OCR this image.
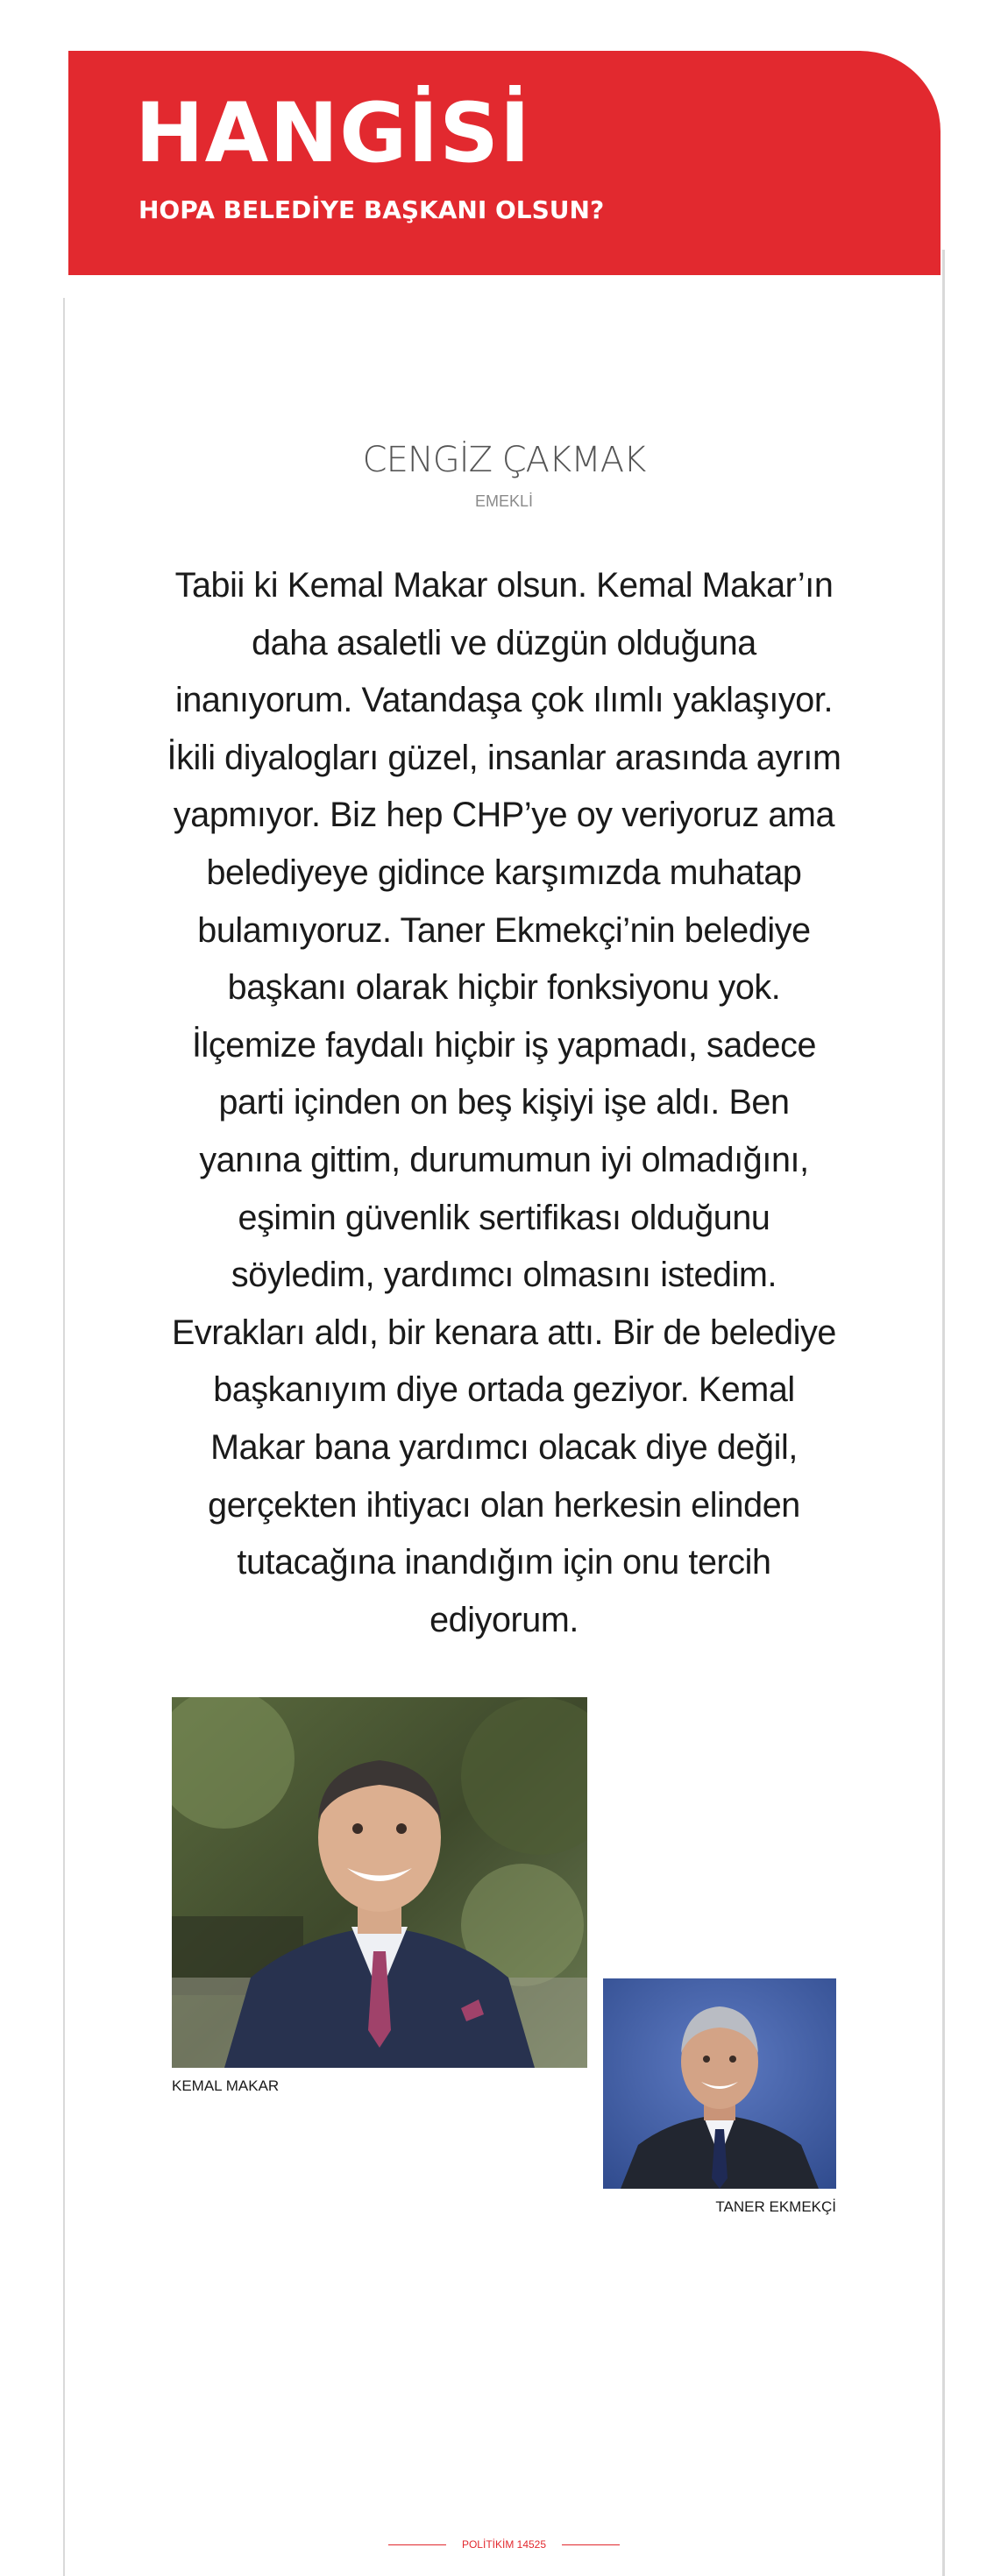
HANGİSİ
HOPA BELEDİYE BAŞKANI OLSUN?

CENGİZ ÇAKMAK

EMEKLİ

Tabii ki Kemal Makar olsun. Kemal Makar’ın daha asaletli ve düzgün olduğuna inanıyorum. Vatandaşa çok ılımlı yaklaşıyor. İkili diyalogları güzel, insanlar arasında ayrım yapmıyor. Biz hep CHP’ye oy veriyoruz ama belediyeye gidince karşımızda muhatap bulamıyoruz. Taner Ekmekçi’nin belediye başkanı olarak hiçbir fonksiyonu yok. İlçemize faydalı hiçbir iş yapmadı, sadece parti içinden on beş kişiyi işe aldı. Ben yanına gittim, durumumun iyi olmadığını, eşimin güvenlik sertifikası olduğunu söyledim, yardımcı olmasını istedim. Evrakları aldı, bir kenara attı. Bir de belediye başkanıyım diye ortada geziyor. Kemal Makar bana yardımcı olacak diye değil, gerçekten ihtiyacı olan herkesin elinden tutacağına inandığım için onu tercih ediyorum.

KEMAL MAKAR

TANER EKMEKÇİ

POLİTİKİM 14525
